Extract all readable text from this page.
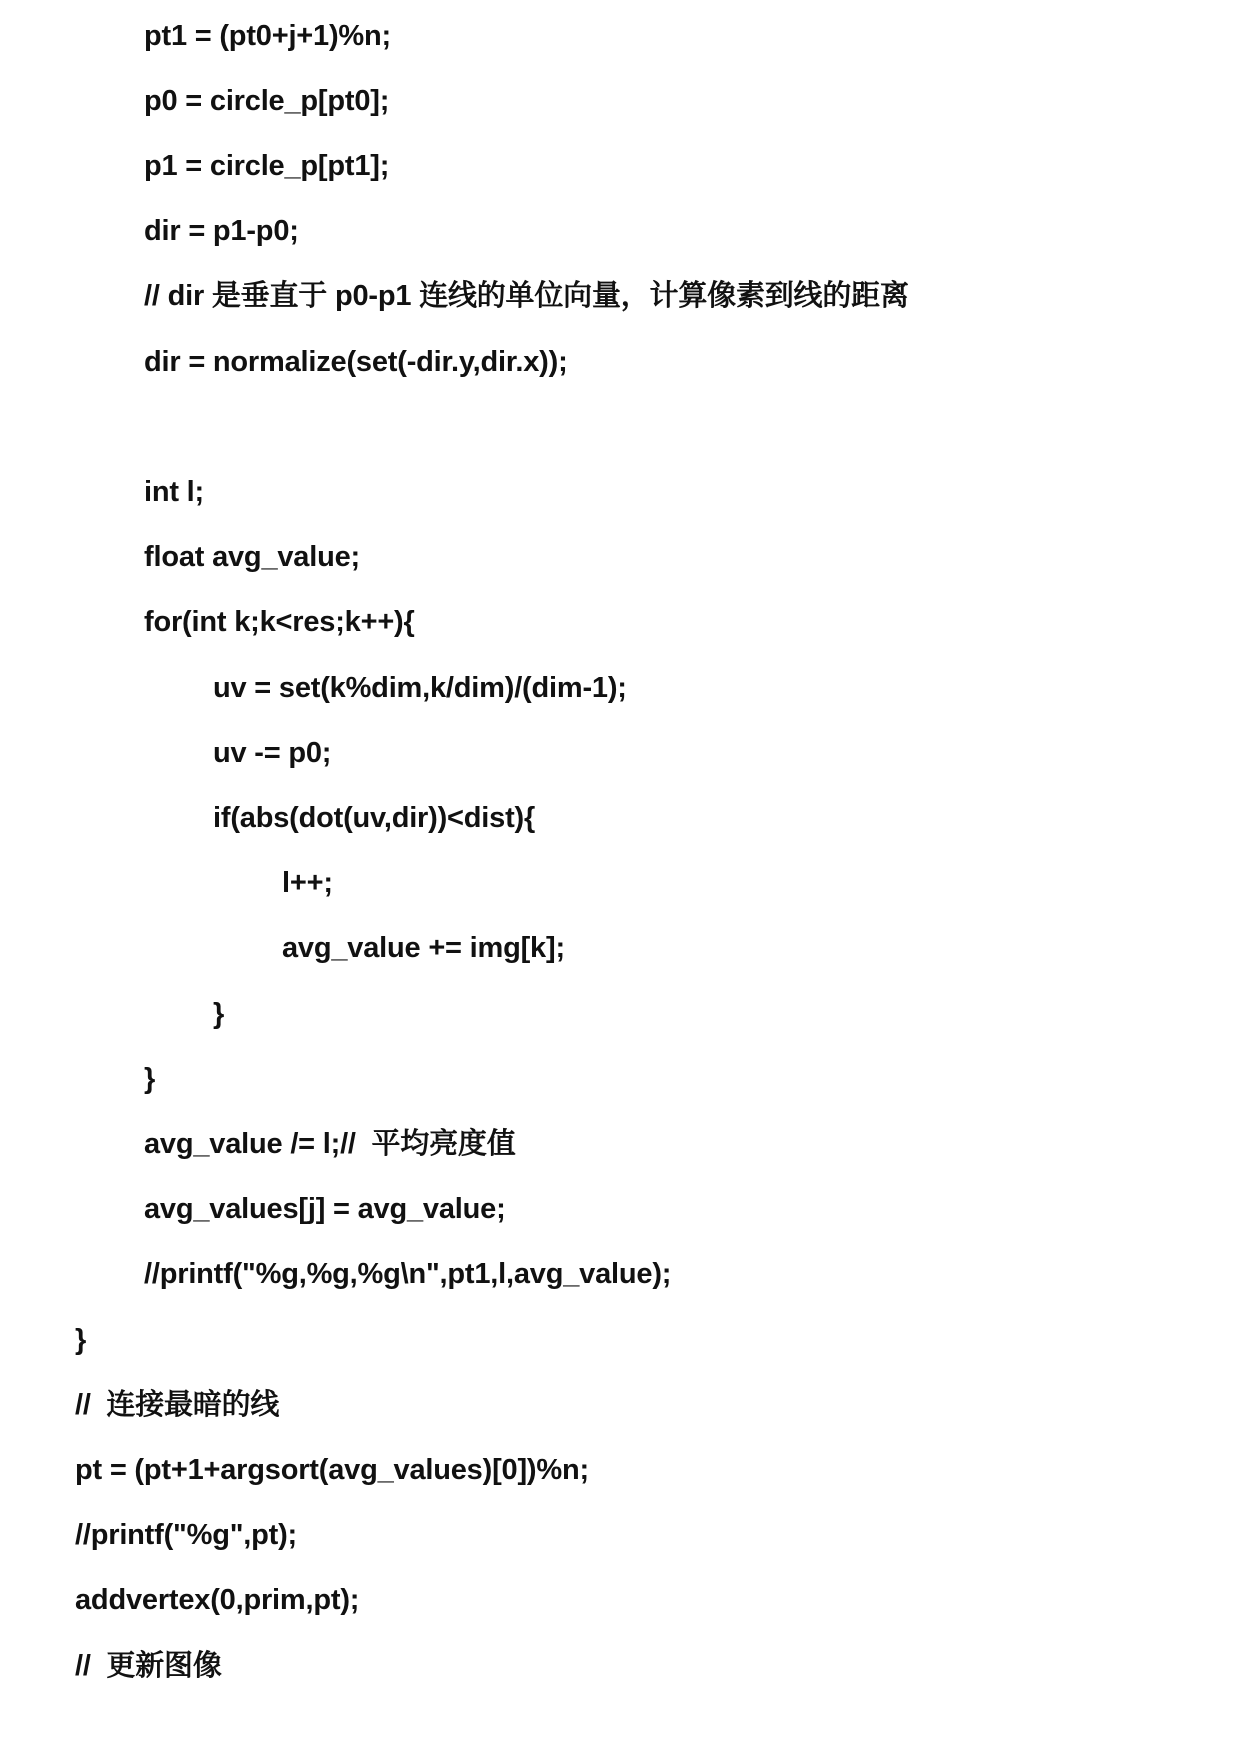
pt1 = (pt0+j+1)%n;
p0 = circle_p[pt0];
p1 = circle_p[pt1];
dir = p1-p0;
// dir 是垂直于 p0-p1 连线的单位向量，计算像素到线的距离
dir = normalize(set(-dir.y,dir.x));
int l;
float avg_value;
for(int k;k<res;k++){
uv = set(k%dim,k/dim)/(dim-1);
uv -= p0;
if(abs(dot(uv,dir))<dist){
l++;
avg_value += img[k];
}
}
avg_value /= l;//  平均亮度值
avg_values[j] = avg_value;
//printf("%g,%g,%g\n",pt1,l,avg_value);
}
//  连接最暗的线
pt = (pt+1+argsort(avg_values)[0])%n;
//printf("%g",pt);
addvertex(0,prim,pt);
//  更新图像
